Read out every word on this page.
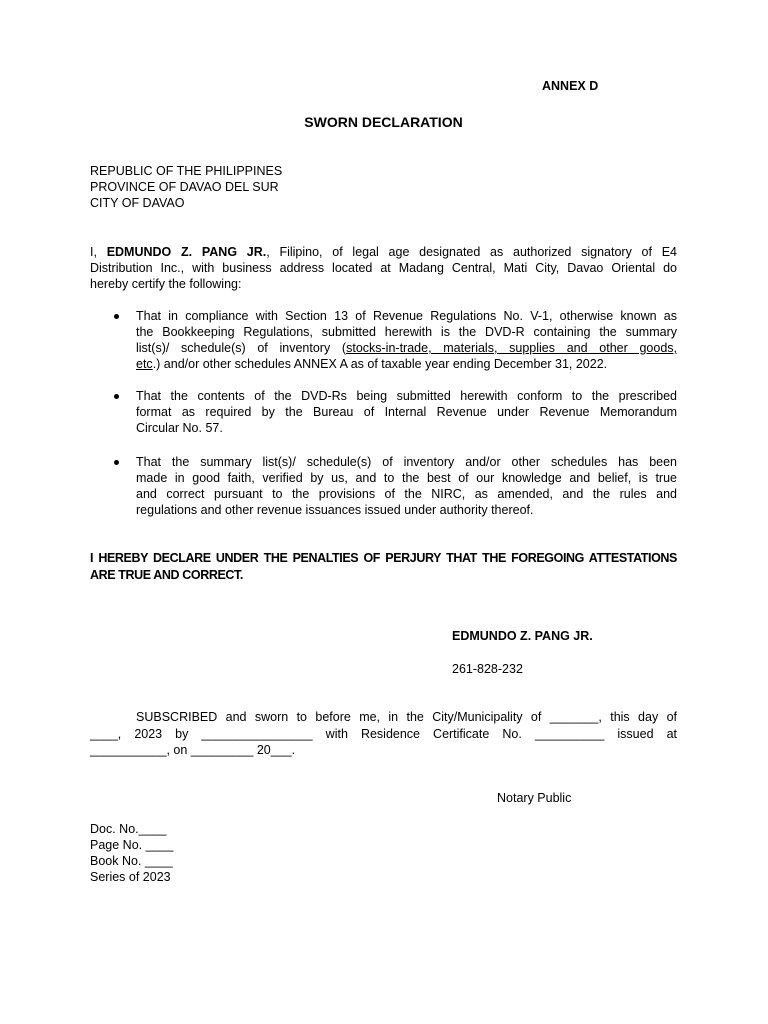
ANNEX D
SWORN DECLARATION
REPUBLIC OF THE PHILIPPINES
PROVINCE OF DAVAO DEL SUR
CITY OF DAVAO
I, EDMUNDO Z. PANG JR., Filipino, of legal age designated as authorized signatory of E4
Distribution Inc., with business address located at Madang Central, Mati City, Davao Oriental do
hereby certify the following:
That in compliance with Section 13 of Revenue Regulations No. V-1, otherwise known as
the Bookkeeping Regulations, submitted herewith is the DVD-R containing the summary
list(s)/ schedule(s) of inventory (stocks-in-trade, materials, supplies and other goods,
etc.) and/or other schedules ANNEX A as of taxable year ending December 31, 2022.
That the contents of the DVD-Rs being submitted herewith conform to the prescribed
format as required by the Bureau of Internal Revenue under Revenue Memorandum
Circular No. 57.
That the summary list(s)/ schedule(s) of inventory and/or other schedules has been
made in good faith, verified by us, and to the best of our knowledge and belief, is true
and correct pursuant to the provisions of the NIRC, as amended, and the rules and
regulations and other revenue issuances issued under authority thereof.
I HEREBY DECLARE UNDER THE PENALTIES OF PERJURY THAT THE FOREGOING ATTESTATIONS
ARE TRUE AND CORRECT.
EDMUNDO Z. PANG JR.
261-828-232
SUBSCRIBED and sworn to before me, in the City/Municipality of _______, this day of
____, 2023 by ________________ with Residence Certificate No. __________ issued at
___________, on _________ 20___.
Notary Public
Doc. No.____
Page No. ____
Book No. ____
Series of 2023
